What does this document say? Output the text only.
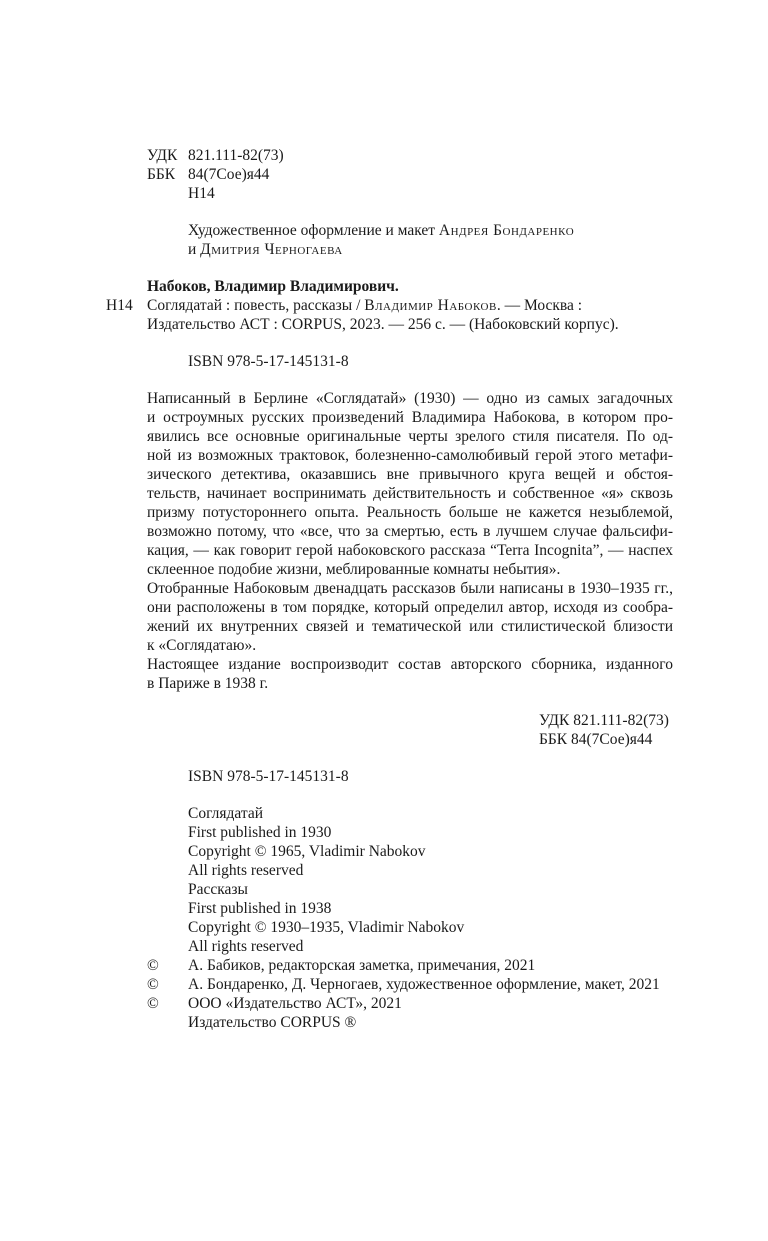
УДК 821.111-82(73)
ББК 84(7Сое)я44
Н14
Художественное оформление и макет Андрея Бондаренко
и Дмитрия Черногаева
Набоков, Владимир Владимирович.
Н14 Соглядатай : повесть, рассказы / Владимир Набоков. — Москва :
Издательство АСТ : CORPUS, 2023. — 256 с. — (Набоковский корпус).
ISBN 978-5-17-145131-8
Написанный в Берлине «Соглядатай» (1930) — одно из самых загадочных
и остроумных русских произведений Владимира Набокова, в котором про-
явились все основные оригинальные черты зрелого стиля писателя. По од-
ной из возможных трактовок, болезненно-самолюбивый герой этого метафи-
зического детектива, оказавшись вне привычного круга вещей и обстоя-
тельств, начинает воспринимать действительность и собственное «я» сквозь
призму потустороннего опыта. Реальность больше не кажется незыблемой,
возможно потому, что «все, что за смертью, есть в лучшем случае фальсифи-
кация, — как говорит герой набоковского рассказа “Terra Incognita”, — наспех
склеенное подобие жизни, меблированные комнаты небытия».
Отобранные Набоковым двенадцать рассказов были написаны в 1930–1935 гг.,
они расположены в том порядке, который определил автор, исходя из сообра-
жений их внутренних связей и тематической или стилистической близости
к «Соглядатаю».
Настоящее издание воспроизводит состав авторского сборника, изданного
в Париже в 1938 г.
УДК 821.111-82(73)
ББК 84(7Сое)я44
ISBN 978-5-17-145131-8
Соглядатай
First published in 1930
Copyright © 1965, Vladimir Nabokov
All rights reserved
Рассказы
First published in 1938
Copyright © 1930–1935, Vladimir Nabokov
All rights reserved
© А. Бабиков, редакторская заметка, примечания, 2021
© А. Бондаренко, Д. Черногаев, художественное оформление, макет, 2021
© ООО «Издательство АСТ», 2021
Издательство CORPUS ®
